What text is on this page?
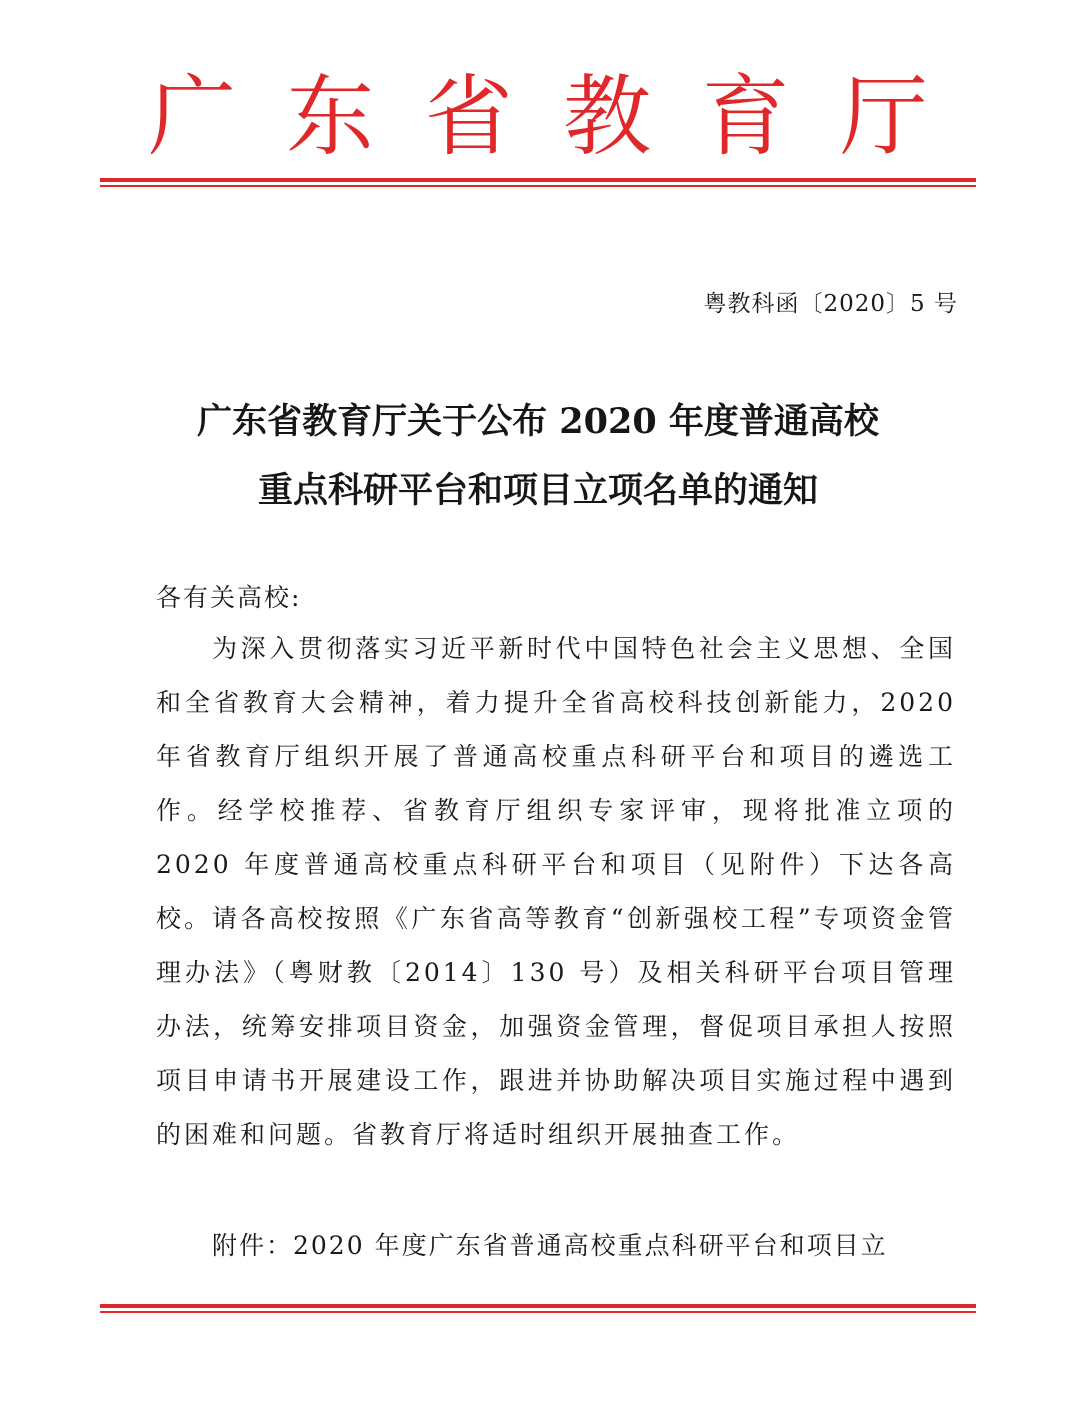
广 东 省 教 育 厅
粤教科函〔2020〕5 号
广东省教育厅关于公布 2020 年度普通高校
重点科研平台和项目立项名单的通知
各有关高校:

为深入贯彻落实习近平新时代中国特色社会主义思想、全国和全省教育大会精神，着力提升全省高校科技创新能力，2020 年省教育厅组织开展了普通高校重点科研平台和项目的遴选工作。经学校推荐、省教育厅组织专家评审，现将批准立项的 2020 年度普通高校重点科研平台和项目（见附件）下达各高校。 请各高校按照《广东省高等教育“创新强校工程”专项资金管理办法》（粤财教〔2014〕130 号）及相关科研平台项目管理办法，统筹安排项目资金，加强资金管理，督促项目承担人按照项目申请书开展建设工作，跟进并协助解决项目实施过程中遇到的困难和问题。省教育厅将适时组织开展抽查工作。

附件：2020 年度广东省普通高校重点科研平台和项目立
